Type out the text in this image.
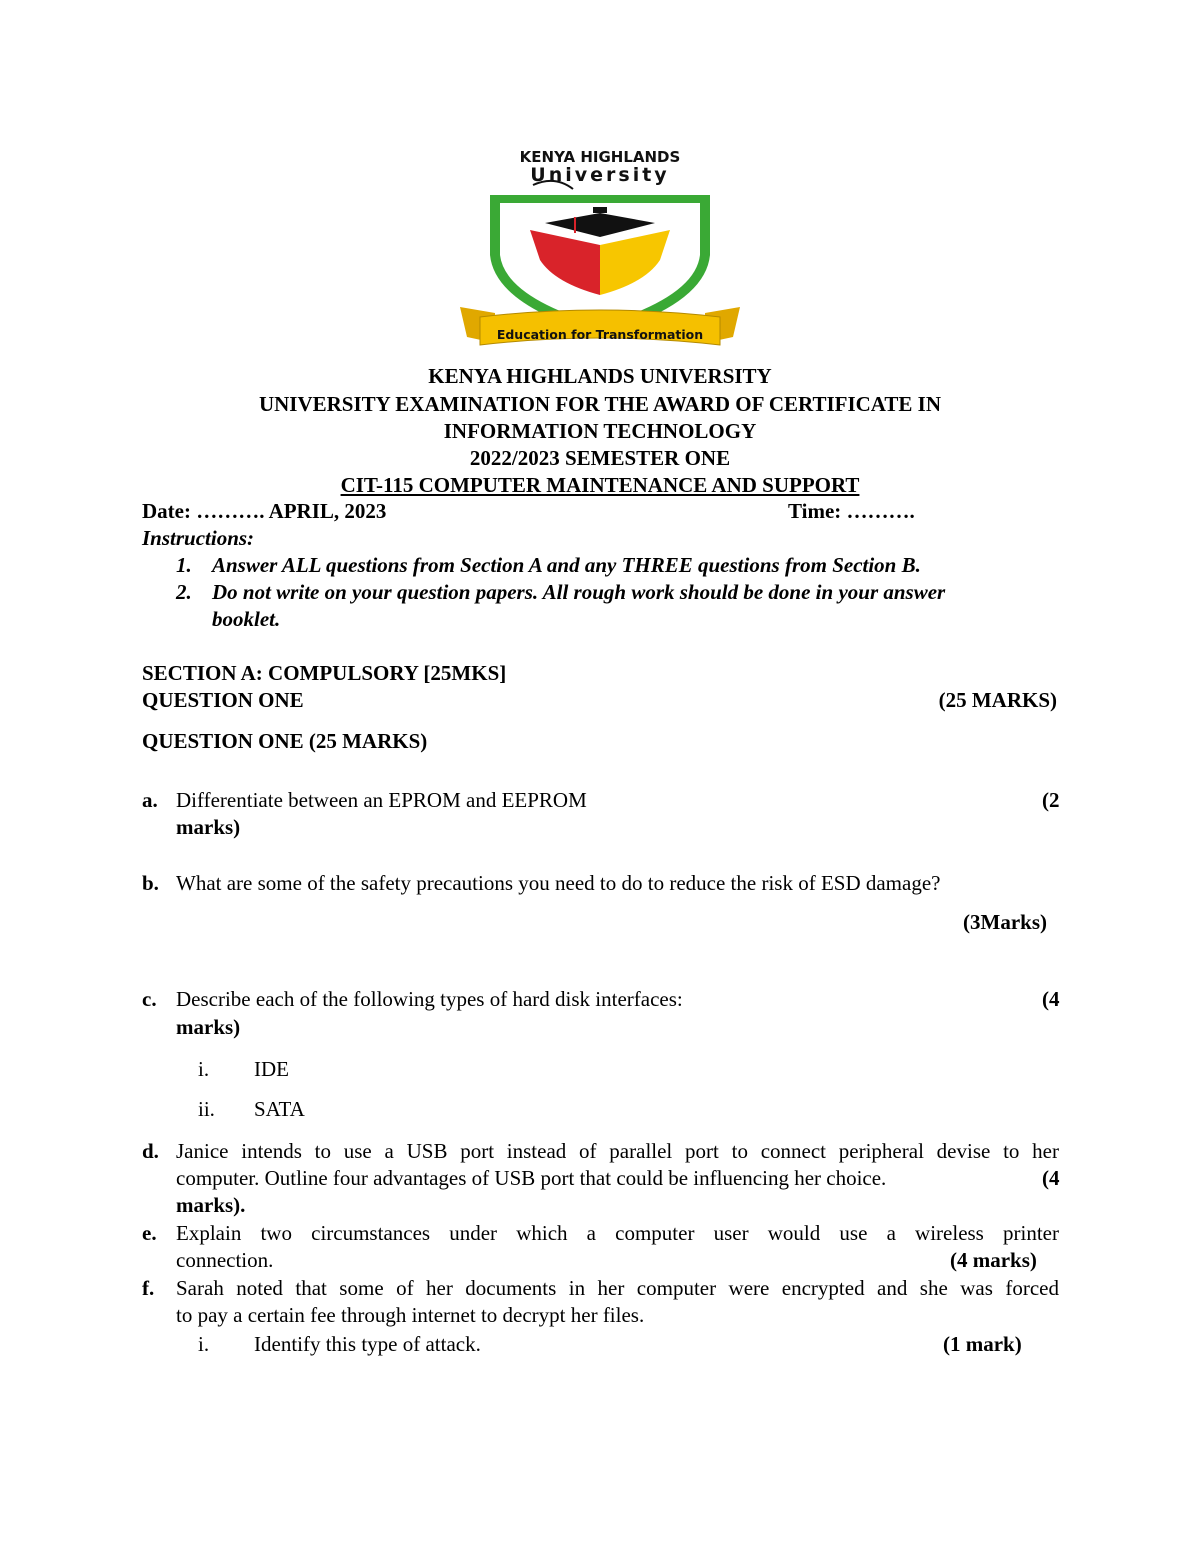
KENYA HIGHLANDS
University
Education for Transformation
KENYA HIGHLANDS UNIVERSITY
UNIVERSITY EXAMINATION FOR THE AWARD OF CERTIFICATE IN
INFORMATION TECHNOLOGY
2022/2023 SEMESTER ONE
CIT-115 COMPUTER MAINTENANCE AND SUPPORT
Date: ………. APRIL, 2023	Time: ……….
Instructions:
1. Answer ALL questions from Section A and any THREE questions from Section B.
2. Do not write on your question papers. All rough work should be done in your answer
booklet.
SECTION A: COMPULSORY [25MKS]
QUESTION ONE	(25 MARKS)
QUESTION ONE (25 MARKS)
a. Differentiate between an EPROM and EEPROM	(2
marks)
b. What are some of the safety precautions you need to do to reduce the risk of ESD damage?
(3Marks)
c. Describe each of the following types of hard disk interfaces:	(4
marks)
i. IDE
ii. SATA
d. Janice intends to use a USB port instead of parallel port to connect peripheral devise to her
computer. Outline four advantages of USB port that could be influencing her choice.	(4
marks).
e. Explain two circumstances under which a computer user would use a wireless printer
connection.	(4 marks)
f. Sarah noted that some of her documents in her computer were encrypted and she was forced
to pay a certain fee through internet to decrypt her files.
i. Identify this type of attack.	(1 mark)
